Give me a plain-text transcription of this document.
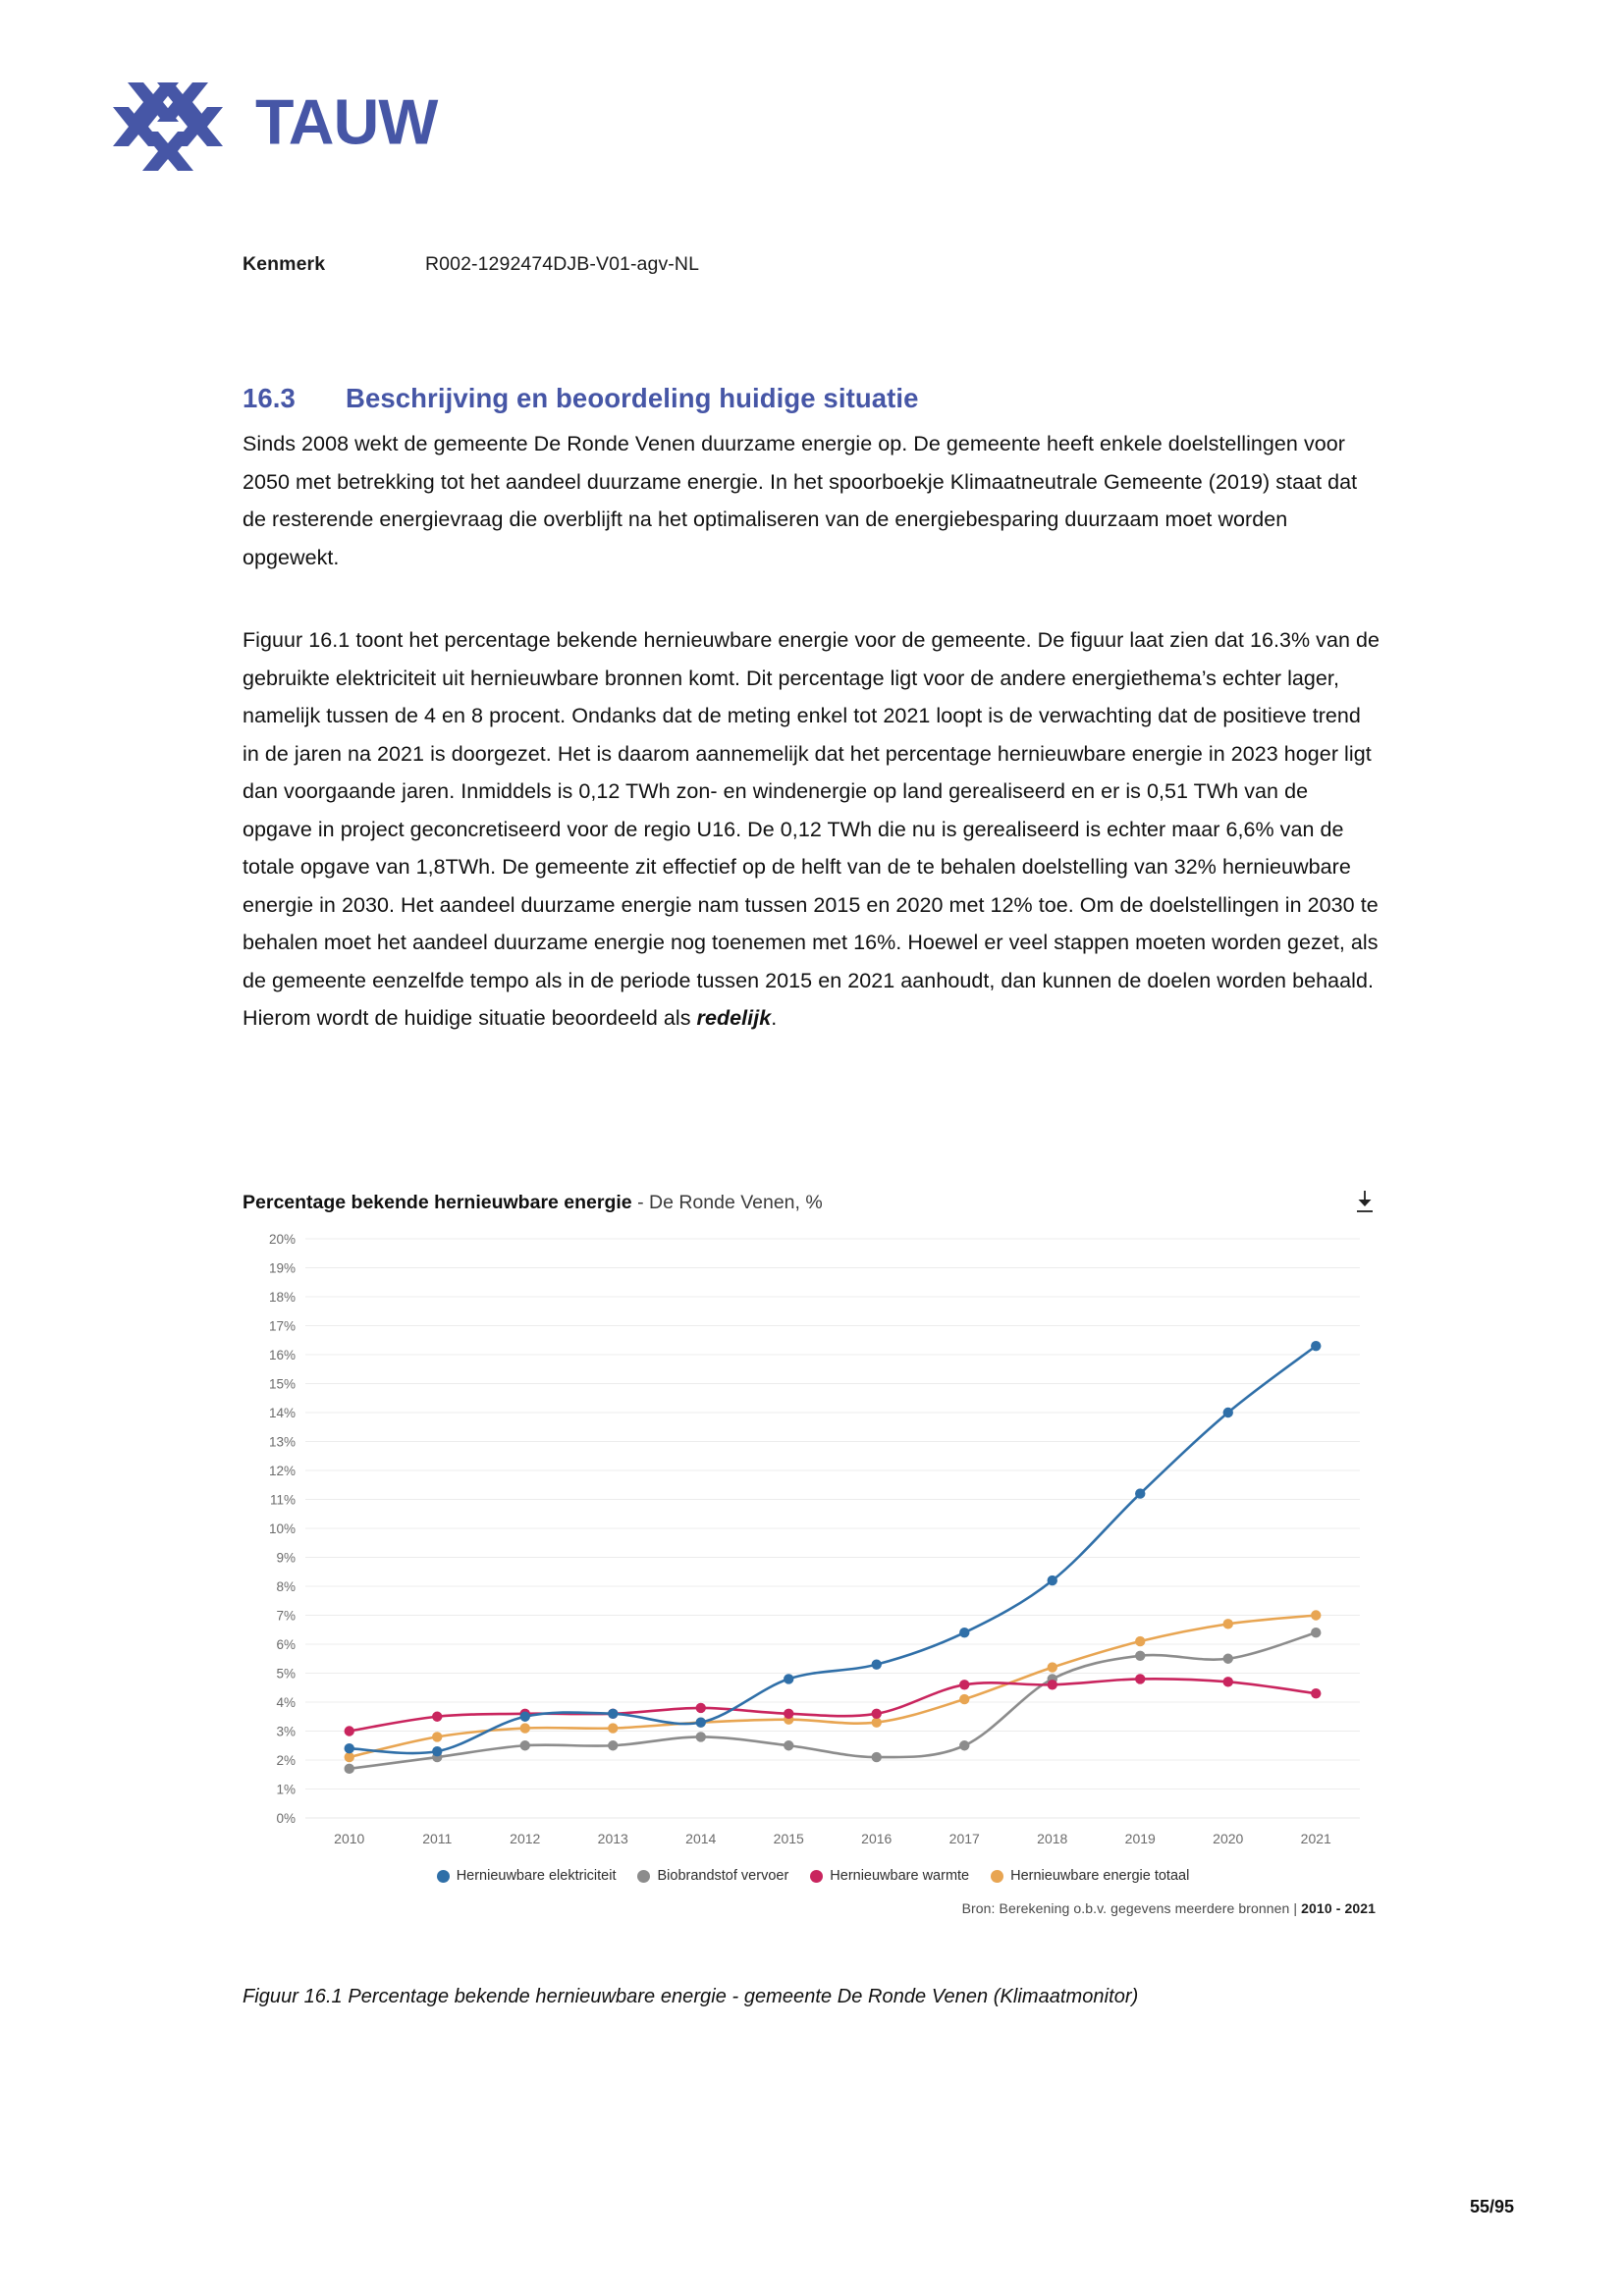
TAUW
Kenmerk	R002-1292474DJB-V01-agv-NL
16.3	Beschrijving en beoordeling huidige situatie

Sinds 2008 wekt de gemeente De Ronde Venen duurzame energie op. De gemeente heeft enkele doelstellingen voor 2050 met betrekking tot het aandeel duurzame energie. In het spoorboekje Klimaatneutrale Gemeente (2019) staat dat de resterende energievraag die overblijft na het optimaliseren van de energiebesparing duurzaam moet worden opgewekt.

Figuur 16.1 toont het percentage bekende hernieuwbare energie voor de gemeente. De figuur laat zien dat 16.3% van de gebruikte elektriciteit uit hernieuwbare bronnen komt. Dit percentage ligt voor de andere energiethema’s echter lager, namelijk tussen de 4 en 8 procent. Ondanks dat de meting enkel tot 2021 loopt is de verwachting dat de positieve trend in de jaren na 2021 is doorgezet. Het is daarom aannemelijk dat het percentage hernieuwbare energie in 2023 hoger ligt dan voorgaande jaren. Inmiddels is 0,12 TWh zon- en windenergie op land gerealiseerd en er is 0,51 TWh van de opgave in project geconcretiseerd voor de regio U16. De 0,12 TWh die nu is gerealiseerd is echter maar 6,6% van de totale opgave van 1,8TWh. De gemeente zit effectief op de helft van de te behalen doelstelling van 32% hernieuwbare energie in 2030. Het aandeel duurzame energie nam tussen 2015 en 2020 met 12% toe. Om de doelstellingen in 2030 te behalen moet het aandeel duurzame energie nog toenemen met 16%. Hoewel er veel stappen moeten worden gezet, als de gemeente eenzelfde tempo als in de periode tussen 2015 en 2021 aanhoudt, dan kunnen de doelen worden behaald. Hierom wordt de huidige situatie beoordeeld als redelijk.

Percentage bekende hernieuwbare energie - De Ronde Venen, %
0%
1%
2%
3%
4%
5%
6%
7%
8%
9%
10%
11%
12%
13%
14%
15%
16%
17%
18%
19%
20%
2010	2011	2012	2013	2014	2015	2016	2017	2018	2019	2020	2021
Hernieuwbare elektriciteit	Biobrandstof vervoer	Hernieuwbare warmte	Hernieuwbare energie totaal
Bron: Berekening o.b.v. gegevens meerdere bronnen | 2010 - 2021
Figuur 16.1 Percentage bekende hernieuwbare energie - gemeente De Ronde Venen (Klimaatmonitor)
55/95
